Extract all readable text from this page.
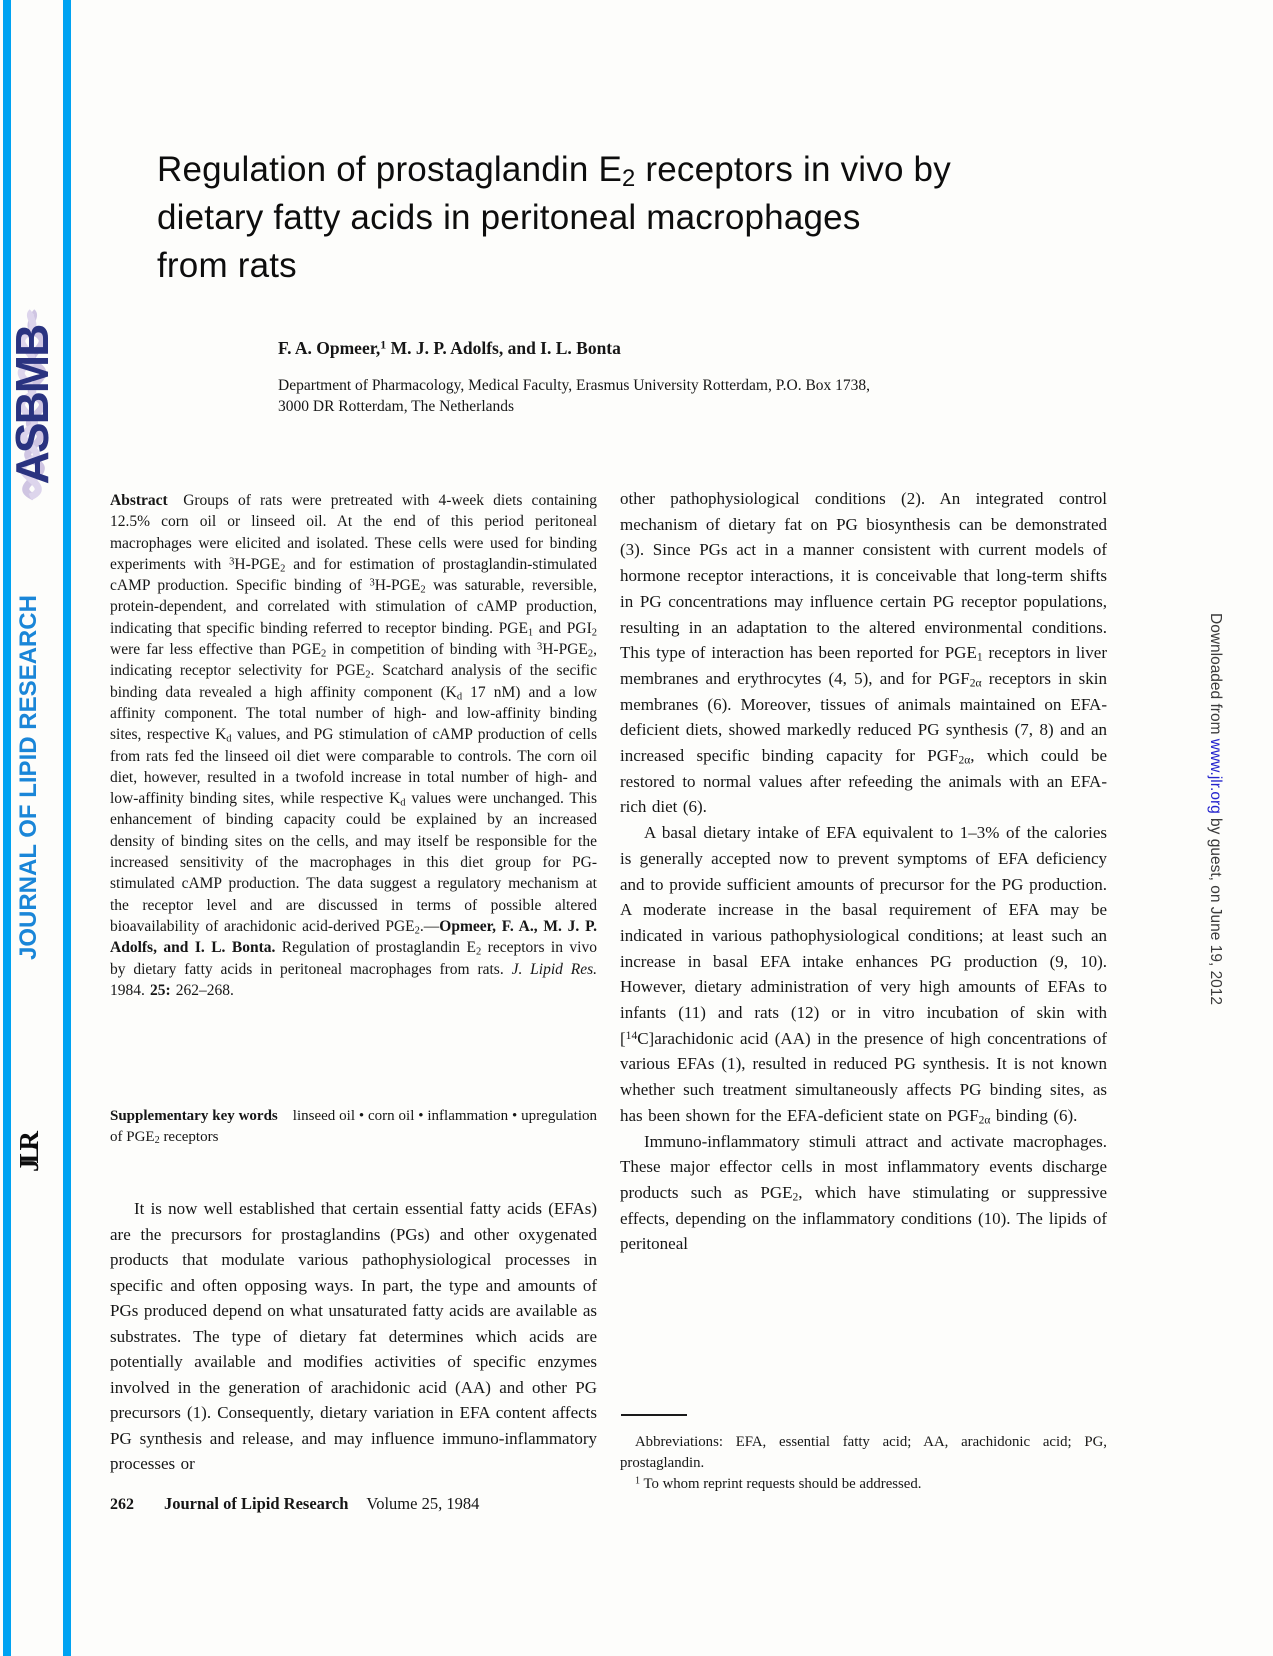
ASBMB
JOURNAL OF LIPID RESEARCH
JLR
Downloaded from www.jlr.org by guest, on June 19, 2012
Regulation of prostaglandin $E_2$ receptors in vivo by
dietary fatty acids in peritoneal macrophages
from rats
F. A. Opmeer,$^1$ M. J. P. Adolfs, and I. L. Bonta
Department of Pharmacology, Medical Faculty, Erasmus University Rotterdam, P.O. Box 1738,
3000 DR Rotterdam, The Netherlands

Abstract  Groups of rats were pretreated with 4-week diets containing 12.5% corn oil or linseed oil. At the end of this period peritoneal macrophages were elicited and isolated. These cells were used for binding experiments with $^3H-PGE_2$ and for estimation of prostaglandin-stimulated cAMP production. Specific binding of $^3H-PGE_2$ was saturable, reversible, protein-dependent, and correlated with stimulation of cAMP production, indicating that specific binding referred to receptor binding. $PGE_1$ and $PGI_2$ were far less effective than $PGE_2$ in competition of binding with $^3H-PGE_2$, indicating receptor selectivity for $PGE_2$. Scatchard analysis of the secific binding data revealed a high affinity component ($K_d$ 17 nM) and a low affinity component. The total number of high- and low-affinity binding sites, respective $K_d$ values, and PG stimulation of cAMP production of cells from rats fed the linseed oil diet were comparable to controls. The corn oil diet, however, resulted in a twofold increase in total number of high- and low-affinity binding sites, while respective $K_d$ values were unchanged. This enhancement of binding capacity could be explained by an increased density of binding sites on the cells, and may itself be responsible for the increased sensitivity of the macrophages in this diet group for PG-stimulated cAMP production. The data suggest a regulatory mechanism at the receptor level and are discussed in terms of possible altered bioavailability of arachidonic acid-derived $PGE_2.—Opmeer$, F. A., M. J. P. Adolfs, and I. L. Bonta. Regulation of prostaglandin $E_2$ receptors in vivo by dietary fatty acids in peritoneal macrophages from rats. J. Lipid Res. 1984. 25: 262–268.

Supplementary key words  linseed oil • corn oil • inflammation • upregulation of $PGE_2$ receptors

It is now well established that certain essential fatty acids (EFAs) are the precursors for prostaglandins (PGs) and other oxygenated products that modulate various pathophysiological processes in specific and often opposing ways. In part, the type and amounts of PGs produced depend on what unsaturated fatty acids are available as substrates. The type of dietary fat determines which acids are potentially available and modifies activities of specific enzymes involved in the generation of arachidonic acid (AA) and other PG precursors (1). Consequently, dietary variation in EFA content affects PG synthesis and release, and may influence immuno-inflammatory processes or

other pathophysiological conditions (2). An integrated control mechanism of dietary fat on PG biosynthesis can be demonstrated (3). Since PGs act in a manner consistent with current models of hormone receptor interactions, it is conceivable that long-term shifts in PG concentrations may influence certain PG receptor populations, resulting in an adaptation to the altered environmental conditions. This type of interaction has been reported for $PGE_1$ receptors in liver membranes and erythrocytes (4, 5), and for $PGF_{2\alpha}$ receptors in skin membranes (6). Moreover, tissues of animals maintained on EFA-deficient diets, showed markedly reduced PG synthesis (7, 8) and an increased specific binding capacity for $PGF_{2\alpha}$, which could be restored to normal values after refeeding the animals with an EFA-rich diet (6).

A basal dietary intake of EFA equivalent to 1–3% of the calories is generally accepted now to prevent symptoms of EFA deficiency and to provide sufficient amounts of precursor for the PG production. A moderate increase in the basal requirement of EFA may be indicated in various pathophysiological conditions; at least such an increase in basal EFA intake enhances PG production (9, 10). However, dietary administration of very high amounts of EFAs to infants (11) and rats (12) or in vitro incubation of skin with [$^{14}$C]arachidonic acid (AA) in the presence of high concentrations of various EFAs (1), resulted in reduced PG synthesis. It is not known whether such treatment simultaneously affects PG binding sites, as has been shown for the EFA-deficient state on $PGF_{2\alpha}$ binding (6).

Immuno-inflammatory stimuli attract and activate macrophages. These major effector cells in most inflammatory events discharge products such as $PGE_2$, which have stimulating or suppressive effects, depending on the inflammatory conditions (10). The lipids of peritoneal

Abbreviations: EFA, essential fatty acid; AA, arachidonic acid; PG, prostaglandin.

$^1$ To whom reprint requests should be addressed.

262 Journal of Lipid Research Volume 25, 1984
